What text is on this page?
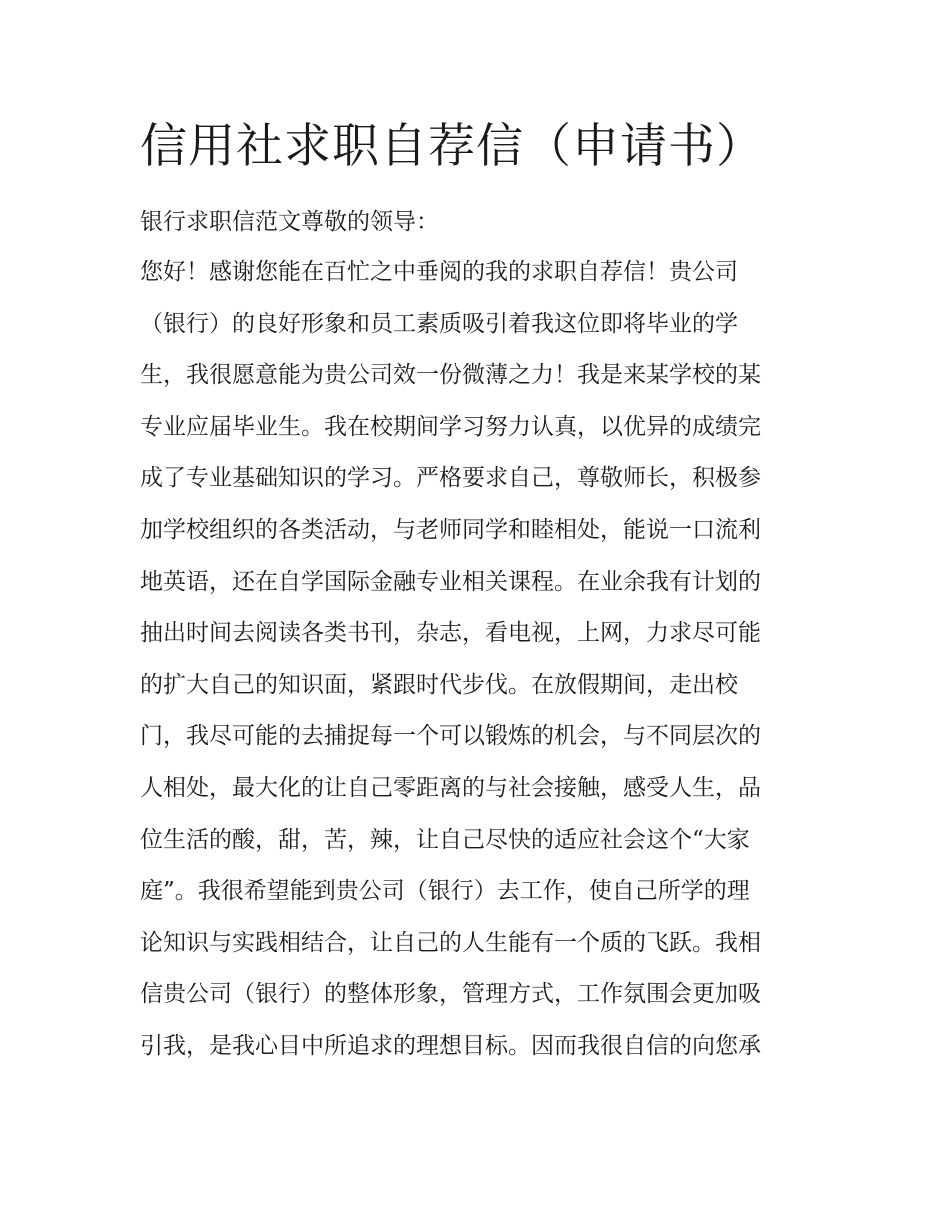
信用社求职自荐信（申请书）

银行求职信范文尊敬的领导：

您好！感谢您能在百忙之中垂阅的我的求职自荐信！贵公司
（银行）的良好形象和员工素质吸引着我这位即将毕业的学
生，我很愿意能为贵公司效一份微薄之力！我是来某学校的某
专业应届毕业生。我在校期间学习努力认真，以优异的成绩完
成了专业基础知识的学习。严格要求自己，尊敬师长，积极参
加学校组织的各类活动，与老师同学和睦相处，能说一口流利
地英语，还在自学国际金融专业相关课程。在业余我有计划的
抽出时间去阅读各类书刊，杂志，看电视，上网，力求尽可能
的扩大自己的知识面，紧跟时代步伐。在放假期间，走出校
门，我尽可能的去捕捉每一个可以锻炼的机会，与不同层次的
人相处，最大化的让自己零距离的与社会接触，感受人生，品
位生活的酸，甜，苦，辣，让自己尽快的适应社会这个“大家
庭”。我很希望能到贵公司（银行）去工作，使自己所学的理
论知识与实践相结合，让自己的人生能有一个质的飞跃。我相
信贵公司（银行）的整体形象，管理方式，工作氛围会更加吸
引我，是我心目中所追求的理想目标。因而我很自信的向您承
